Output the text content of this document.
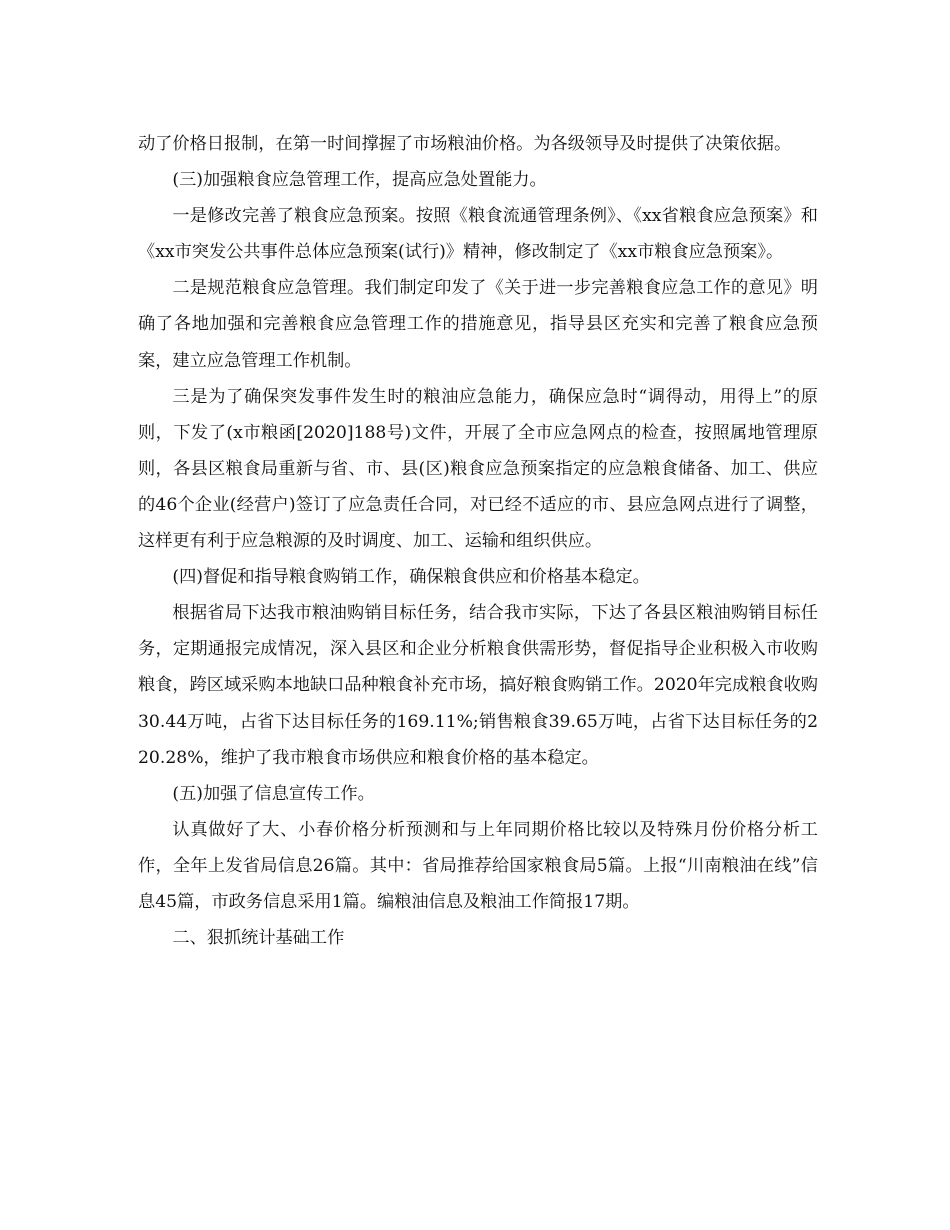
动了价格日报制，在第一时间撑握了市场粮油价格。为各级领导及时提供了决策依据。

(三)加强粮食应急管理工作，提高应急处置能力。

一是修改完善了粮食应急预案。按照《粮食流通管理条例》、《xx省粮食应急预案》和《xx市突发公共事件总体应急预案(试行)》精神，修改制定了《xx市粮食应急预案》。

二是规范粮食应急管理。我们制定印发了《关于进一步完善粮食应急工作的意见》明确了各地加强和完善粮食应急管理工作的措施意见，指导县区充实和完善了粮食应急预案，建立应急管理工作机制。

三是为了确保突发事件发生时的粮油应急能力，确保应急时“调得动，用得上”的原则，下发了(x市粮函[2020]188号)文件，开展了全市应急网点的检查，按照属地管理原则，各县区粮食局重新与省、市、县(区)粮食应急预案指定的应急粮食储备、加工、供应的46个企业(经营户)签订了应急责任合同，对已经不适应的市、县应急网点进行了调整，这样更有利于应急粮源的及时调度、加工、运输和组织供应。

(四)督促和指导粮食购销工作，确保粮食供应和价格基本稳定。

根据省局下达我市粮油购销目标任务，结合我市实际，下达了各县区粮油购销目标任务，定期通报完成情况，深入县区和企业分析粮食供需形势，督促指导企业积极入市收购粮食，跨区域采购本地缺口品种粮食补充市场，搞好粮食购销工作。2020年完成粮食收购30.44万吨，占省下达目标任务的169.11%;销售粮食39.65万吨，占省下达目标任务的220.28%，维护了我市粮食市场供应和粮食价格的基本稳定。

(五)加强了信息宣传工作。

认真做好了大、小春价格分析预测和与上年同期价格比较以及特殊月份价格分析工作，全年上发省局信息26篇。其中：省局推荐给国家粮食局5篇。上报“川南粮油在线”信息45篇，市政务信息采用1篇。编粮油信息及粮油工作简报17期。

二、狠抓统计基础工作
